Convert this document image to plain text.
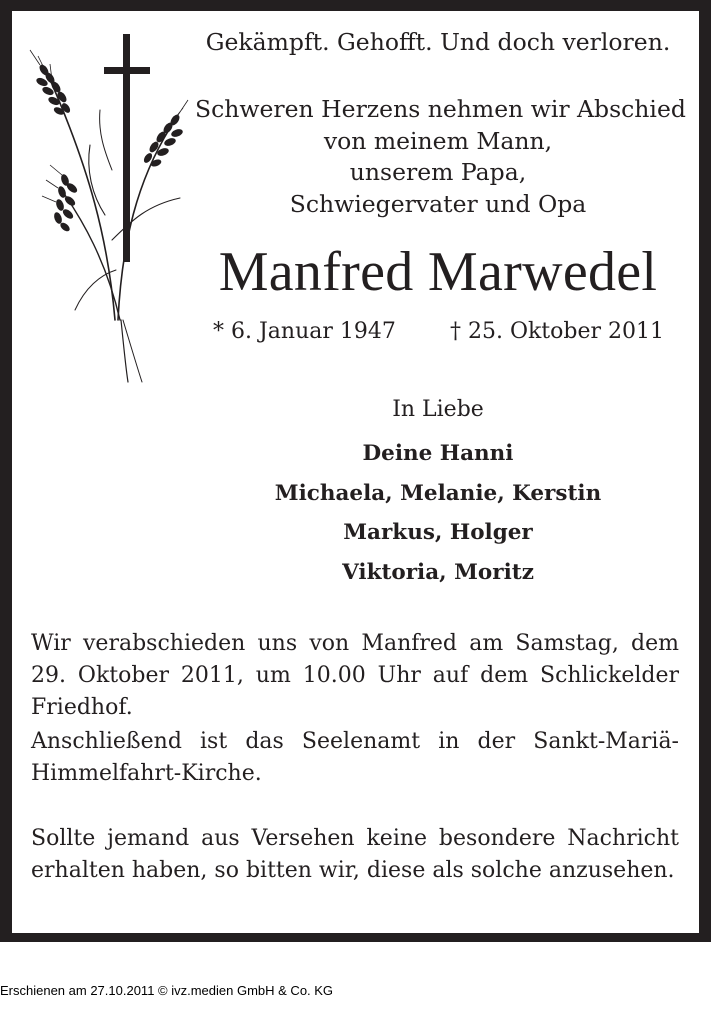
Gekämpft. Gehofft. Und doch verloren.

Schweren Herzens nehmen wir Abschied
von meinem Mann,
unserem Papa,
Schwiegervater und Opa
Manfred Marwedel
* 6. Januar 1947 † 25. Oktober 2011
In Liebe
Deine Hanni
Michaela, Melanie, Kerstin
Markus, Holger
Viktoria, Moritz

Wir verabschieden uns von Manfred am Samstag, dem 29. Oktober 2011, um 10.00 Uhr auf dem Schlickelder Friedhof.

Anschließend ist das Seelenamt in der Sankt-Mariä-Himmelfahrt-Kirche.

Sollte jemand aus Versehen keine besondere Nachricht erhalten haben, so bitten wir, diese als solche anzusehen.

Erschienen am 27.10.2011 © ivz.medien GmbH & Co. KG
